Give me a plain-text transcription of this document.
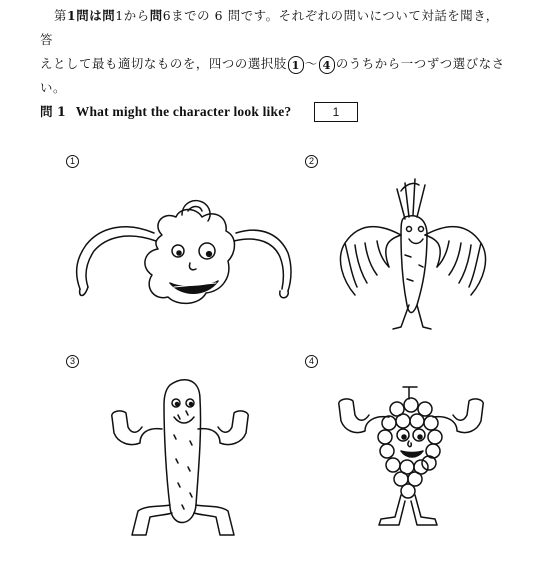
第1問は問1から問6までの 6 問です。それぞれの問いについて対話を聞き，答

えとして最も適切なものを，四つの選択肢 1 ～ 4 のうちから一つずつ選びなさ

い。

問 1 What might the character look like?	1
1	2
3	4
